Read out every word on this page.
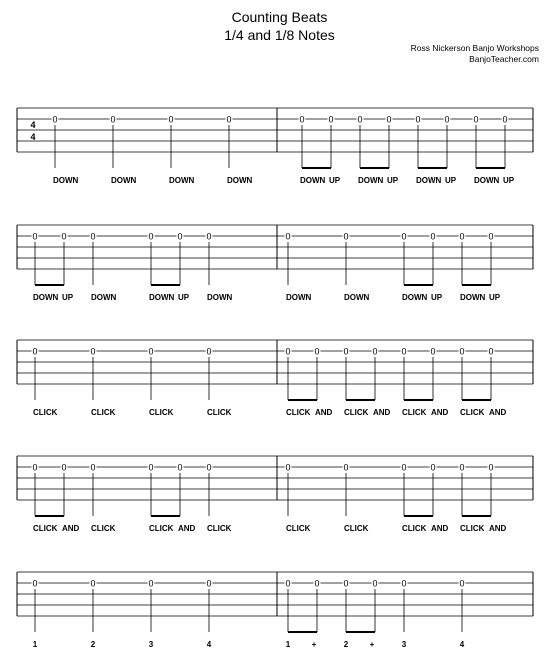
Counting Beats
1/4 and 1/8 Notes
Ross Nickerson Banjo Workshops
BanjoTeacher.com
4
4
0	0	0	0
DOWN	DOWN	DOWN	DOWN
0	0	0	0	0	0	0	0
DOWN UP DOWN UP DOWN UP DOWN UP
0	0	0	0	0	0
DOWN UP DOWN	DOWN UP DOWN
0	0	0	0	0	0
DOWN	DOWN	DOWN UP DOWN UP
0	0	0	0
CLICK	CLICK	CLICK	CLICK
0	0	0	0	0	0	0	0
CLICK AND CLICK AND CLICK AND CLICK AND
0	0	0	0	0	0
CLICK AND CLICK	CLICK AND CLICK
0	0	0	0	0	0
CLICK	CLICK	CLICK AND CLICK AND
0	0	0	0
1	2	3	4
0	0	0	0	0	0
1	+	2	+	3	4
